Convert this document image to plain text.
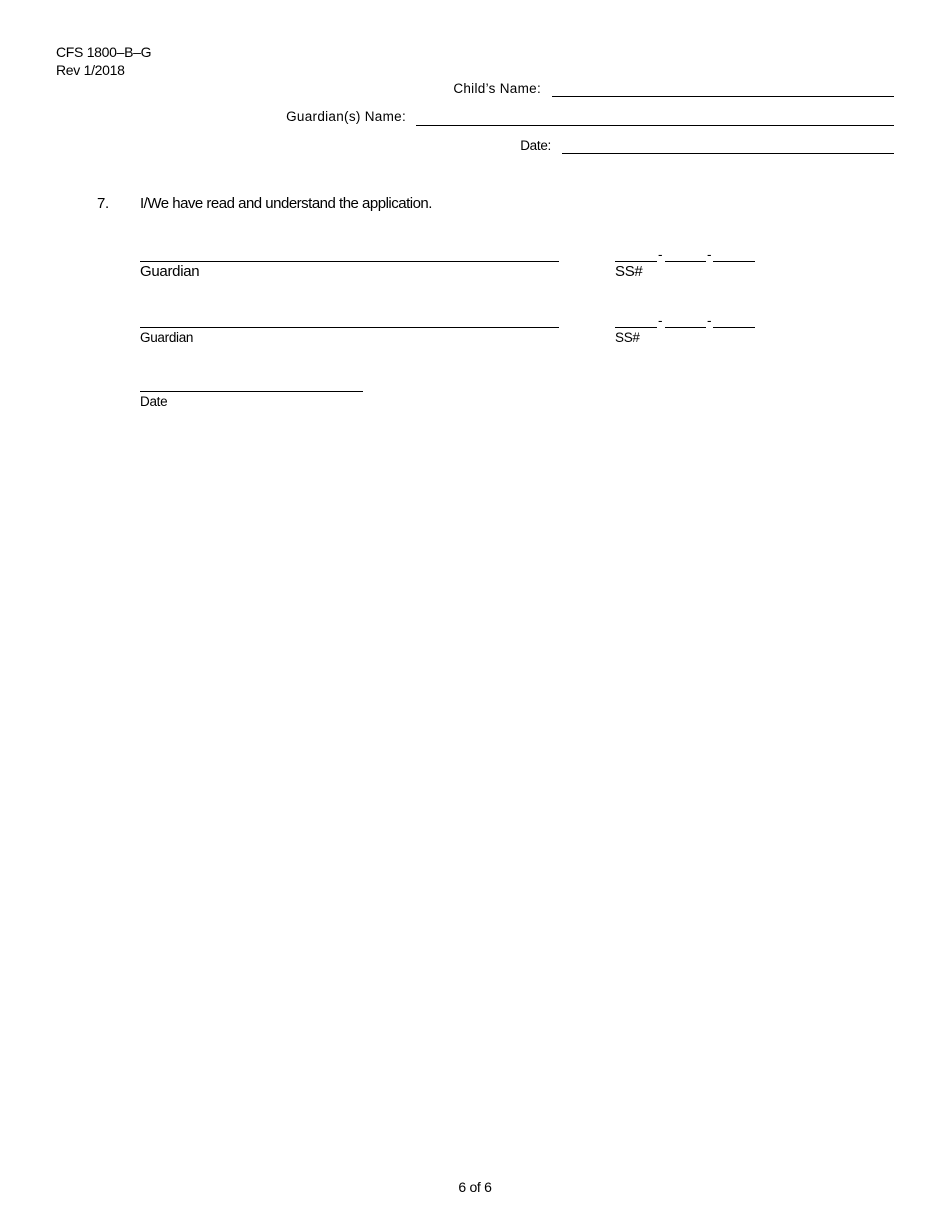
CFS 1800–B–G
Rev 1/2018
Child’s Name:
Guardian(s) Name:
Date:
7. I/We have read and understand the application.
Guardian
-	-
SS#
Guardian
-	-
SS#
Date
6 of 6
